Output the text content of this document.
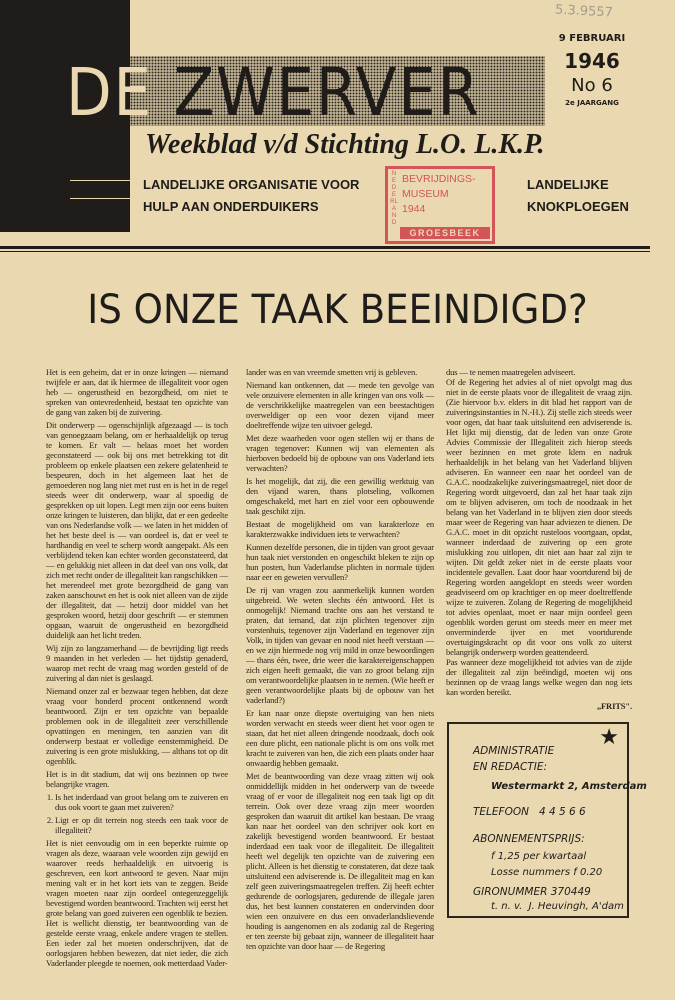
5.3.9557
DE ZWERVER
Weekblad v/d Stichting L.O. L.K.P.
LANDELIJKE ORGANISATIE VOOR
HULP AAN ONDERDUIKERS
LANDELIJKE
KNOKPLOEGEN
9 FEBRUARI
1946
No 6
2e JAARGANG
NEDERLAND
BEVRIJDINGS-
MUSEUM
1944
GROESBEEK
IS ONZE TAAK BEEINDIGD?

Het is een geheim, dat er in onze kringen — niemand twijfele er aan, dat ik hiermee de illegaliteit voor ogen heb — ongerustheid en bezorgdheid, om niet te spreken van ontevredenheid, bestaat ten opzichte van de gang van zaken bij de zuivering.

Dit onderwerp — ogenschijnlijk afgezaagd — is toch van genoegzaam belang, om er herhaaldelijk op terug te komen. Er valt — helaas moet het worden geconstateerd — ook bij ons met betrekking tot dit probleem op enkele plaatsen een zekere gelatenheid te bespeuren, doch in het algemeen laat het de gemoederen nog lang niet met rust en is het in de regel steeds weer dit onderwerp, waar al spoedig de gesprekken op uit lopen. Legt men zijn oor eens buiten onze kringen te luisteren, dan blijkt, dat er een gedeelte van ons Nederlandse volk — we laten in het midden of het het beste deel is — van oordeel is, dat er veel te hardhandig en veel te scherp wordt aangepakt. Als een verblijdend teken kan echter worden geconstateerd, dat — en gelukkig niet alleen in dat deel van ons volk, dat zich met recht onder de illegaliteit kan rangschikken — het merendeel met grote bezorgdheid de gang van zaken aanschouwt en het is ook niet alleen van de zijde der illegaliteit, dat — hetzij door middel van het gesproken woord, hetzij door geschrift — er stemmen opgaan, waaruit de ongerustheid en bezorgdheid duidelijk aan het licht treden.

Wij zijn zo langzamerhand — de bevrijding ligt reeds 9 maanden in het verleden — het tijdstip genaderd, waarop met recht de vraag mag worden gesteld of de zuivering al dan niet is geslaagd.

Niemand onzer zal er bezwaar tegen hebben, dat deze vraag voor honderd procent ontkennend wordt beantwoord. Zijn er ten opzichte van bepaalde problemen ook in de illegaliteit zeer verschillende opvattingen en meningen, ten aanzien van dit onderwerp bestaat er volledige eenstemmigheid. De zuivering is een grote mislukking, — althans tot op dit ogenblik.

Het is in dit stadium, dat wij ons bezinnen op twee belangrijke vragen.

1. Is het inderdaad van groot belang om te zuiveren en dus ook voort te gaan met zuiveren?
2. Ligt er op dit terrein nog steeds een taak voor de illegaliteit?

Het is niet eenvoudig om in een beperkte ruimte op vragen als deze, waaraan vele woorden zijn gewijd en waarover reeds herhaaldelijk en uitvoerig is geschreven, een kort antwoord te geven. Naar mijn mening valt er in het kort iets van te zeggen. Beide vragen moeten naar zijn oordeel ontegenzeggelijk bevestigend worden beantwoord. Trachten wij eerst het grote belang van goed zuiveren een ogenblik te bezien. Het is wellicht dienstig, ter beantwoording van de gestelde eerste vraag, enkele andere vragen te stellen. Een ieder zal het moeten onderschrijven, dat de oorlogsjaren hebben bewezen, dat niet ieder, die zich Vaderlander pleegde te noemen, ook metterdaad Vader-

lander was en van vreemde smetten vrij is gebleven.

Niemand kan ontkennen, dat — mede ten gevolge van vele onzuivere elementen in alle kringen van ons volk — de verschrikkelijke maatregelen van een beestachtigen overweldiger op een voor dezen vijand meer doeltreffende wijze ten uitvoer gelegd.

Met deze waarheden voor ogen stellen wij er thans de vragen tegenover: Kunnen wij van elementen als hierboven bedoeld bij de opbouw van ons Vaderland iets verwachten?

Is het mogelijk, dat zij, die een gewillig werktuig van den vijand waren, thans plotseling, volkomen omgeschakeld, met hart en ziel voor een opbouwende taak geschikt zijn.

Bestaat de mogelijkheid om van karakterloze en karakterzwakke individuen iets te verwachten?

Kunnen dezelfde personen, die in tijden van groot gevaar hun taak niet verstonden en ongeschikt bleken te zijn op hun posten, hun Vaderlandse plichten in normale tijden naar eer en geweten vervullen?

De rij van vragen zou aanmerkelijk kunnen worden uitgebreid. We weten slechts één antwoord. Het is onmogelijk! Niemand trachte ons aan het verstand te praten, dat iemand, dat zijn plichten tegenover zijn vorstenhuis, tegenover zijn Vaderland en tegenover zijn Volk, in tijden van gevaar en nood niet heeft verstaan — en we zijn hiermede nog vrij mild in onze bewoordingen — thans één, twee, drie weer die karaktereigenschappen zich eigen heeft gemaakt, die van zo groot belang zijn om verantwoordelijke plaatsen in te nemen. (Wie heeft er geen verantwoordelijke plaats bij de opbouw van het vaderland?)

Er kan naar onze diepste overtuiging van hen niets worden verwacht en steeds weer dient het voor ogen te staan, dat het niet alleen dringende noodzaak, doch ook een dure plicht, een nationale plicht is om ons volk met kracht te zuiveren van hen, die zich een plaats onder haar onwaardig hebben gemaakt.

Met de beantwoording van deze vraag zitten wij ook onmiddellijk midden in het onderwerp van de tweede vraag of er voor de illegaliteit nog een taak ligt op dit terrein. Ook over deze vraag zijn meer woorden gesproken dan waaruit dit artikel kan bestaan. De vraag kan naar het oordeel van den schrijver ook kort en zakelijk bevestigend worden beantwoord. Er bestaat inderdaad een taak voor de illegaliteit. De illegaliteit heeft wel degelijk ten opzichte van de zuivering een plicht. Alleen is het dienstig te constateren, dat deze taak uitsluitend een adviserende is. De illegaliteit mag en kan zelf geen zuiveringsmaatregelen treffen. Zij heeft echter gedurende de oorlogsjaren, gedurende de illegale jaren dus, het best kunnen constateren en ondervinden door wien een onzuivere en dus een onvaderlandslievende houding is aangenomen en als zodanig zal de Regering er ten zeerste bij gebaat zijn, wanneer de illegaliteit haar ten opzichte van door haar — de Regering

dus — te nemen maatregelen adviseert.

Of de Regering het advies al of niet opvolgt mag dus niet in de eerste plaats voor de illegaliteit de vraag zijn. (Zie hiervoor b.v. elders in dit blad het rapport van de zuiveringsinstanties in N.-H.). Zij stelle zich steeds weer voor ogen, dat haar taak uitsluitend een adviserende is. Het lijkt mij dienstig, dat de leden van onze Grote Advies Commissie der Illegaliteit zich hierop steeds weer bezinnen en met grote klem en nadruk herhaaldelijk in het belang van het Vaderland blijven adviseren. En wanneer een naar het oordeel van de G.A.C. noodzakelijke zuiveringsmaatregel, niet door de Regering wordt uitgevoerd, dan zal het haar taak zijn om te blijven adviseren, om toch de noodzaak in het belang van het Vaderland in te blijven zien door steeds maar weer de Regering van haar adviezen te dienen. De G.A.C. moet in dit opzicht rusteloos voortgaan, opdat, wanneer inderdaad de zuivering op een grote mislukking zou uitlopen, dit niet aan haar zal zijn te wijten. Dit geldt zeker niet in de eerste plaats voor incidentele gevallen. Laat door haar voortdurend bij de Regering worden aangeklopt en steeds weer worden geadviseerd om op krachtiger en op meer doeltreffende wijze te zuiveren. Zolang de Regering de mogelijkheid tot advies openlaat, moet er naar mijn oordeel geen ogenblik worden gerust om steeds meer en meer met onverminderde ijver en met voortdurende overtuigingskracht op dit voor ons volk zo uiterst belangrijk onderwerp worden geattendeerd.

Pas wanneer deze mogelijkheid tot advies van de zijde der illegaliteit zal zijn beëindigd, moeten wij ons bezinnen op de vraag langs welke wegen dan nog iets kan worden bereikt.

,,FRITS".
★
ADMINISTRATIE
EN REDACTIE:
Westermarkt 2, Amsterdam
TELEFOON   4 4 5 6 6
ABONNEMENTSPRIJS:
f 1,25 per kwartaal
Losse nummers f 0.20
GIRONUMMER 370449
t. n. v.  J. Heuvingh, A'dam
